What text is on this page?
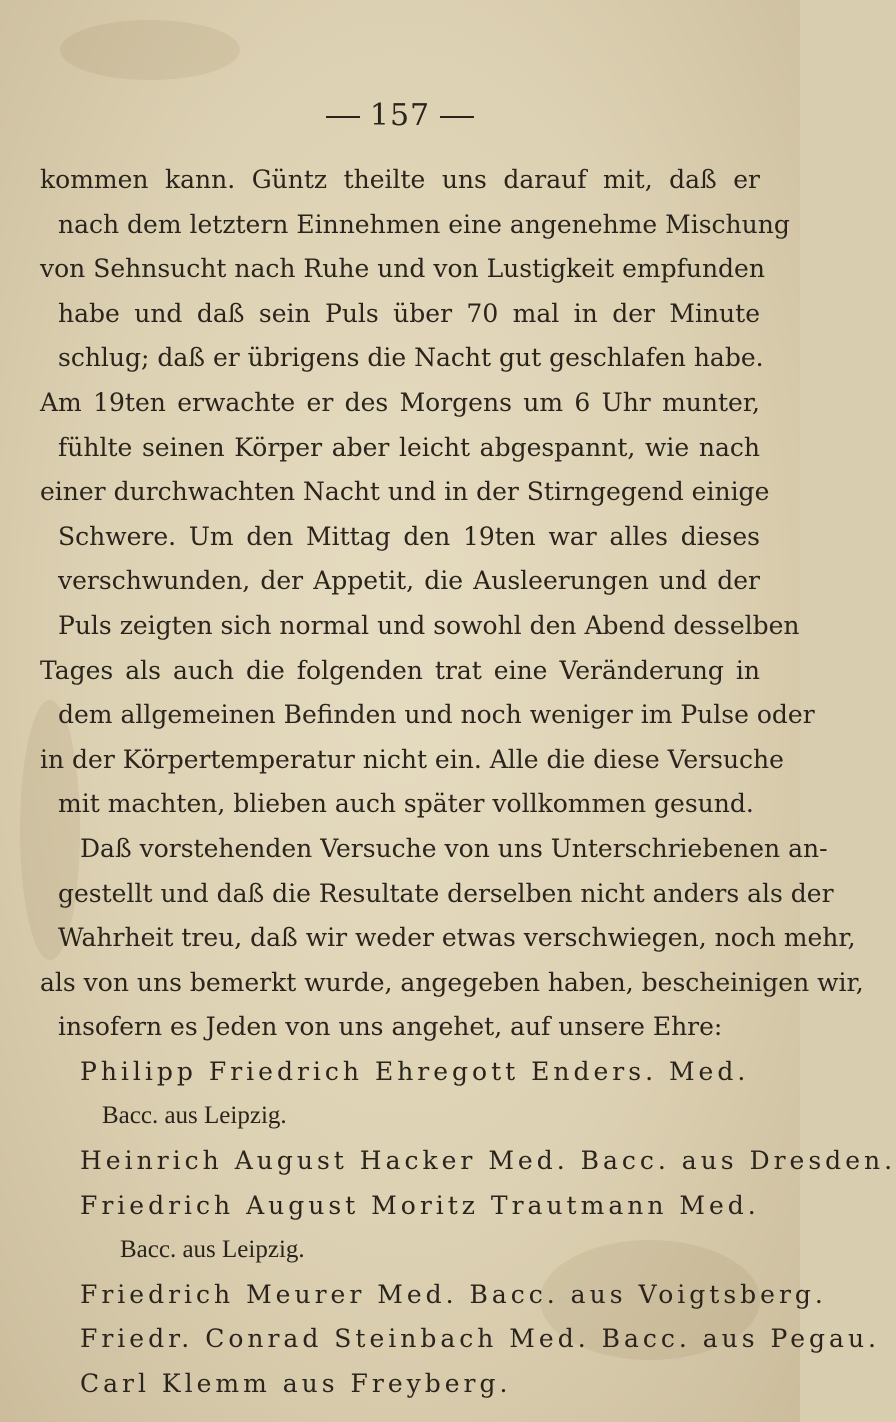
157
kommen kann. Güntz theilte uns darauf mit, daß er
nach dem letztern Einnehmen eine angenehme Mischung
von Sehnsucht nach Ruhe und von Lustigkeit empfunden
habe und daß sein Puls über 70 mal in der Minute
schlug; daß er übrigens die Nacht gut geschlafen habe.
Am 19ten erwachte er des Morgens um 6 Uhr munter,
fühlte seinen Körper aber leicht abgespannt, wie nach
einer durchwachten Nacht und in der Stirngegend einige
Schwere. Um den Mittag den 19ten war alles dieses
verschwunden, der Appetit, die Ausleerungen und der
Puls zeigten sich normal und sowohl den Abend desselben
Tages als auch die folgenden trat eine Veränderung in
dem allgemeinen Befinden und noch weniger im Pulse oder
in der Körpertemperatur nicht ein. Alle die diese Versuche
mit machten, blieben auch später vollkommen gesund.
Daß vorstehenden Versuche von uns Unterschriebenen an-
gestellt und daß die Resultate derselben nicht anders als der
Wahrheit treu, daß wir weder etwas verschwiegen, noch mehr,
als von uns bemerkt wurde, angegeben haben, bescheinigen wir,
insofern es Jeden von uns angehet, auf unsere Ehre:
Philipp Friedrich Ehregott Enders. Med.
Bacc. aus Leipzig.
Heinrich August Hacker Med. Bacc. aus Dresden.
Friedrich August Moritz Trautmann Med.
Bacc. aus Leipzig.
Friedrich Meurer Med. Bacc. aus Voigtsberg.
Friedr. Conrad Steinbach Med. Bacc. aus Pegau.
Carl Klemm aus Freyberg.
